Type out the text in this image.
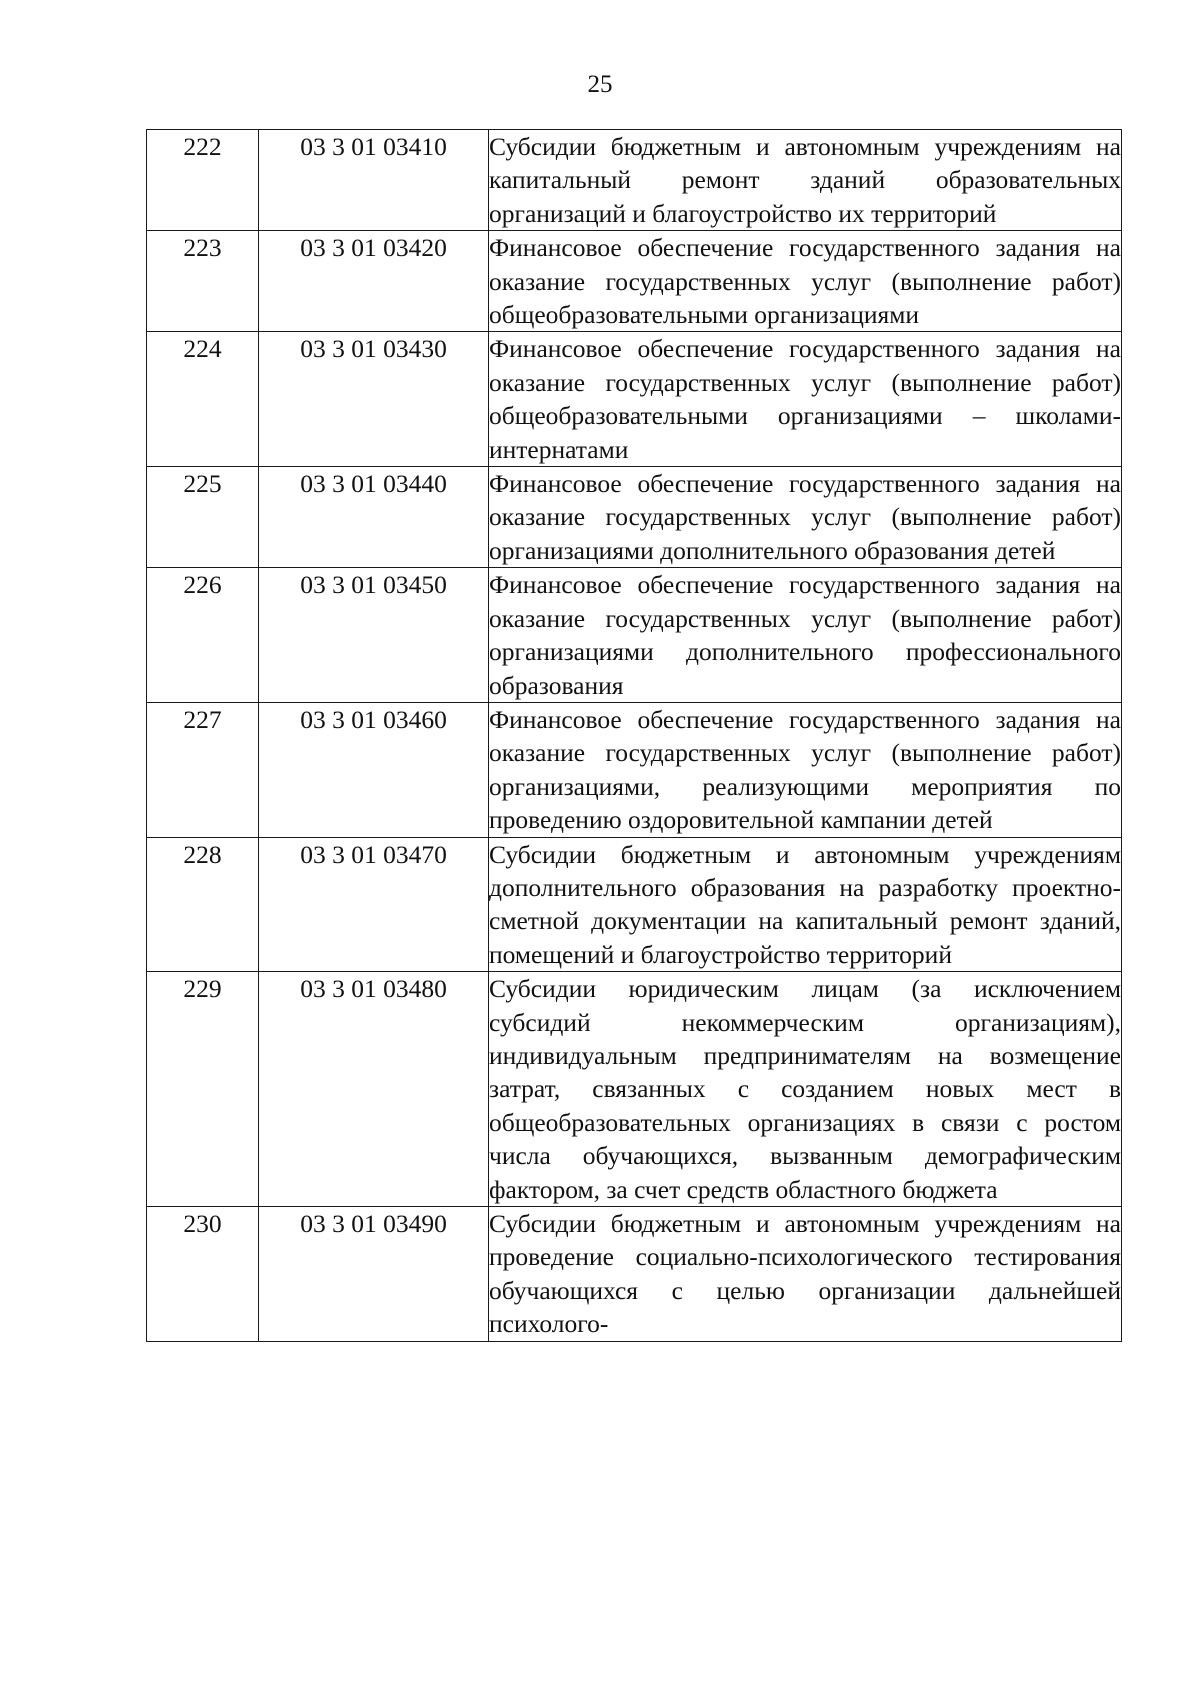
25
222	03 3 01 03410	Субсидии бюджетным и автономным учреждениям на капитальный ремонт зданий образовательных организаций и благоустройство их территорий

223	03 3 01 03420	Финансовое обеспечение государственного задания на оказание государственных услуг (выполнение работ) общеобразовательными организациями

224	03 3 01 03430	Финансовое обеспечение государственного задания на оказание государственных услуг (выполнение работ) общеобразовательными организациями – школами-интернатами

225	03 3 01 03440	Финансовое обеспечение государственного задания на оказание государственных услуг (выполнение работ) организациями дополнительного образования детей

226	03 3 01 03450	Финансовое обеспечение государственного задания на оказание государственных услуг (выполнение работ) организациями дополнительного профессионального образования

227	03 3 01 03460	Финансовое обеспечение государственного задания на оказание государственных услуг (выполнение работ) организациями, реализующими мероприятия по проведению оздоровительной кампании детей

228	03 3 01 03470	Субсидии бюджетным и автономным учреждениям дополнительного образования на разработку проектно-сметной документации на капитальный ремонт зданий, помещений и благоустройство территорий

229	03 3 01 03480	Субсидии юридическим лицам (за исключением субсидий некоммерческим организациям), индивидуальным предпринимателям на возмещение затрат, связанных с созданием новых мест в общеобразовательных организациях в связи с ростом числа обучающихся, вызванным демографическим фактором, за счет средств областного бюджета

230	03 3 01 03490	Субсидии бюджетным и автономным учреждениям на проведение социально-психологического тестирования обучающихся с целью организации дальнейшей психолого-
